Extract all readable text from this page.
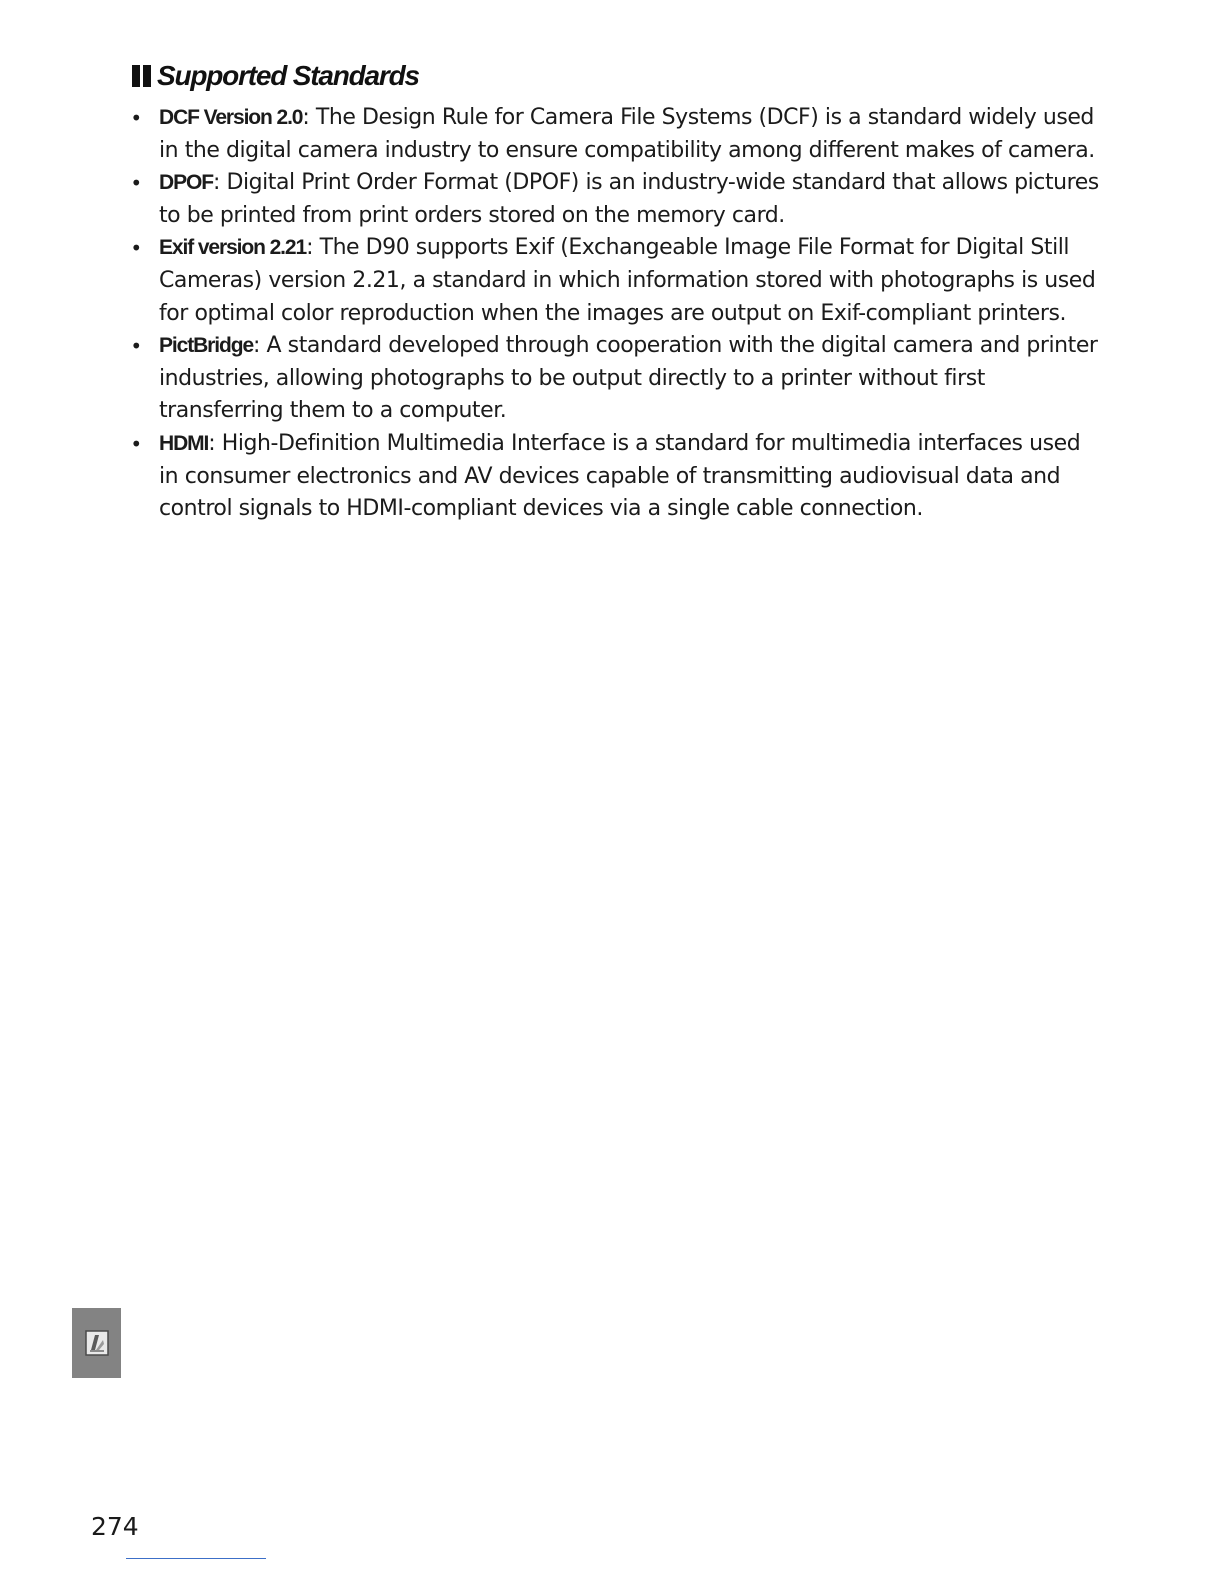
Supported Standards
• DCF Version 2.0: The Design Rule for Camera File Systems (DCF) is a standard widely used in the digital camera industry to ensure compatibility among different makes of camera.
• DPOF: Digital Print Order Format (DPOF) is an industry-wide standard that allows pictures to be printed from print orders stored on the memory card.
• Exif version 2.21: The D90 supports Exif (Exchangeable Image File Format for Digital Still Cameras) version 2.21, a standard in which information stored with photographs is used for optimal color reproduction when the images are output on Exif-compliant printers.
• PictBridge: A standard developed through cooperation with the digital camera and printer industries, allowing photographs to be output directly to a printer without first transferring them to a computer.
• HDMI: High-Definition Multimedia Interface is a standard for multimedia interfaces used in consumer electronics and AV devices capable of transmitting audiovisual data and control signals to HDMI-compliant devices via a single cable connection.
274
